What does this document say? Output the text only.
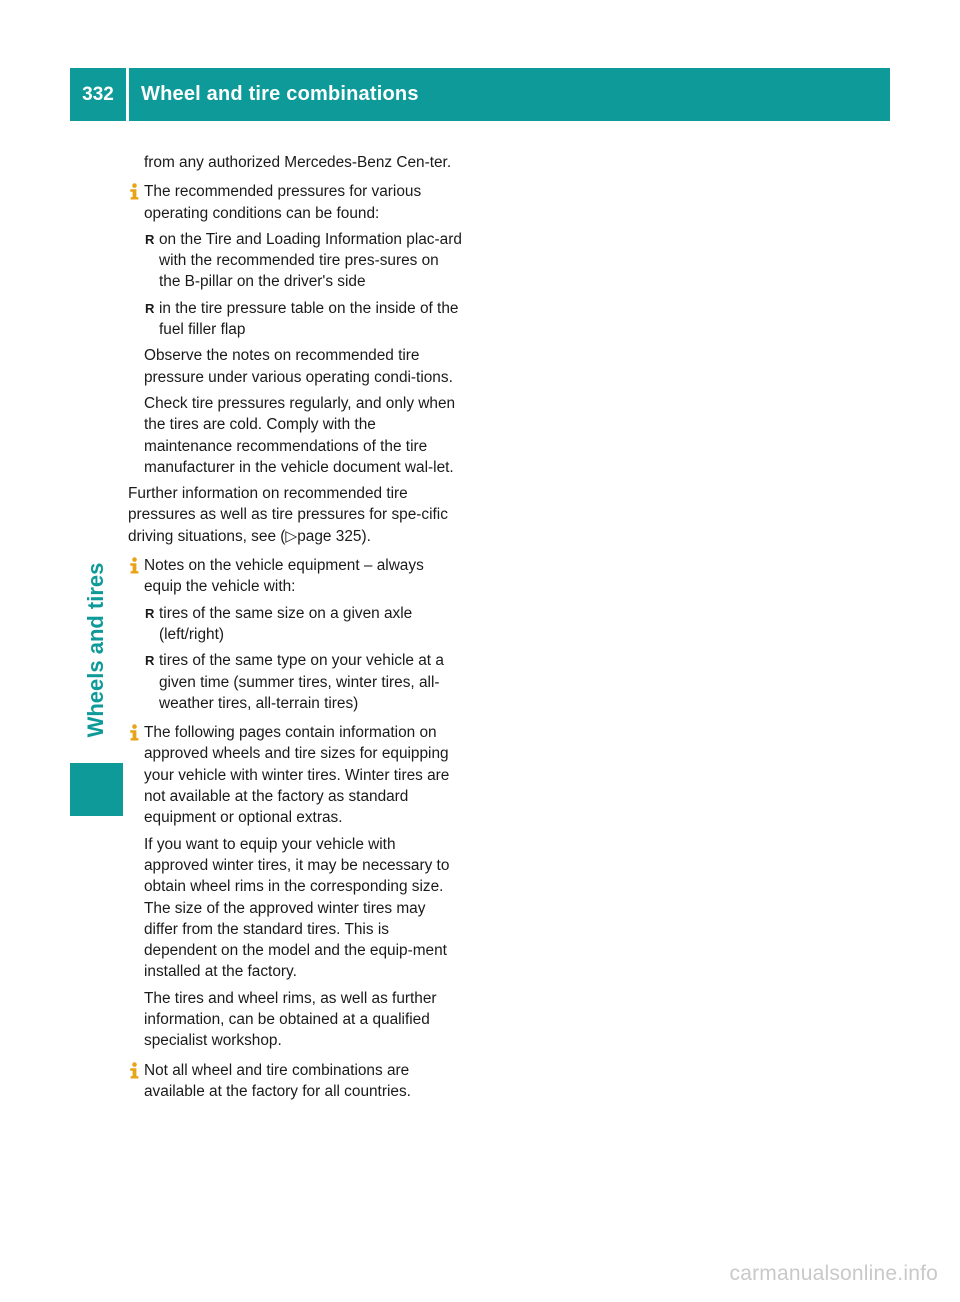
332	Wheel and tire combinations
Wheels and tires

from any authorized Mercedes-Benz Cen-ter.

The recommended pressures for various operating conditions can be found:

R on the Tire and Loading Information plac-ard with the recommended tire pres-sures on the B-pillar on the driver's side

R in the tire pressure table on the inside of the fuel filler flap

Observe the notes on recommended tire pressure under various operating condi-tions.

Check tire pressures regularly, and only when the tires are cold. Comply with the maintenance recommendations of the tire manufacturer in the vehicle document wal-let.

Further information on recommended tire pressures as well as tire pressures for spe-cific driving situations, see (▷page 325).

Notes on the vehicle equipment – always equip the vehicle with:

R tires of the same size on a given axle (left/right)

R tires of the same type on your vehicle at a given time (summer tires, winter tires, all-weather tires, all-terrain tires)

The following pages contain information on approved wheels and tire sizes for equipping your vehicle with winter tires. Winter tires are not available at the factory as standard equipment or optional extras.

If you want to equip your vehicle with approved winter tires, it may be necessary to obtain wheel rims in the corresponding size. The size of the approved winter tires may differ from the standard tires. This is dependent on the model and the equip-ment installed at the factory.

The tires and wheel rims, as well as further information, can be obtained at a qualified specialist workshop.

Not all wheel and tire combinations are available at the factory for all countries.

carmanualsonline.info
